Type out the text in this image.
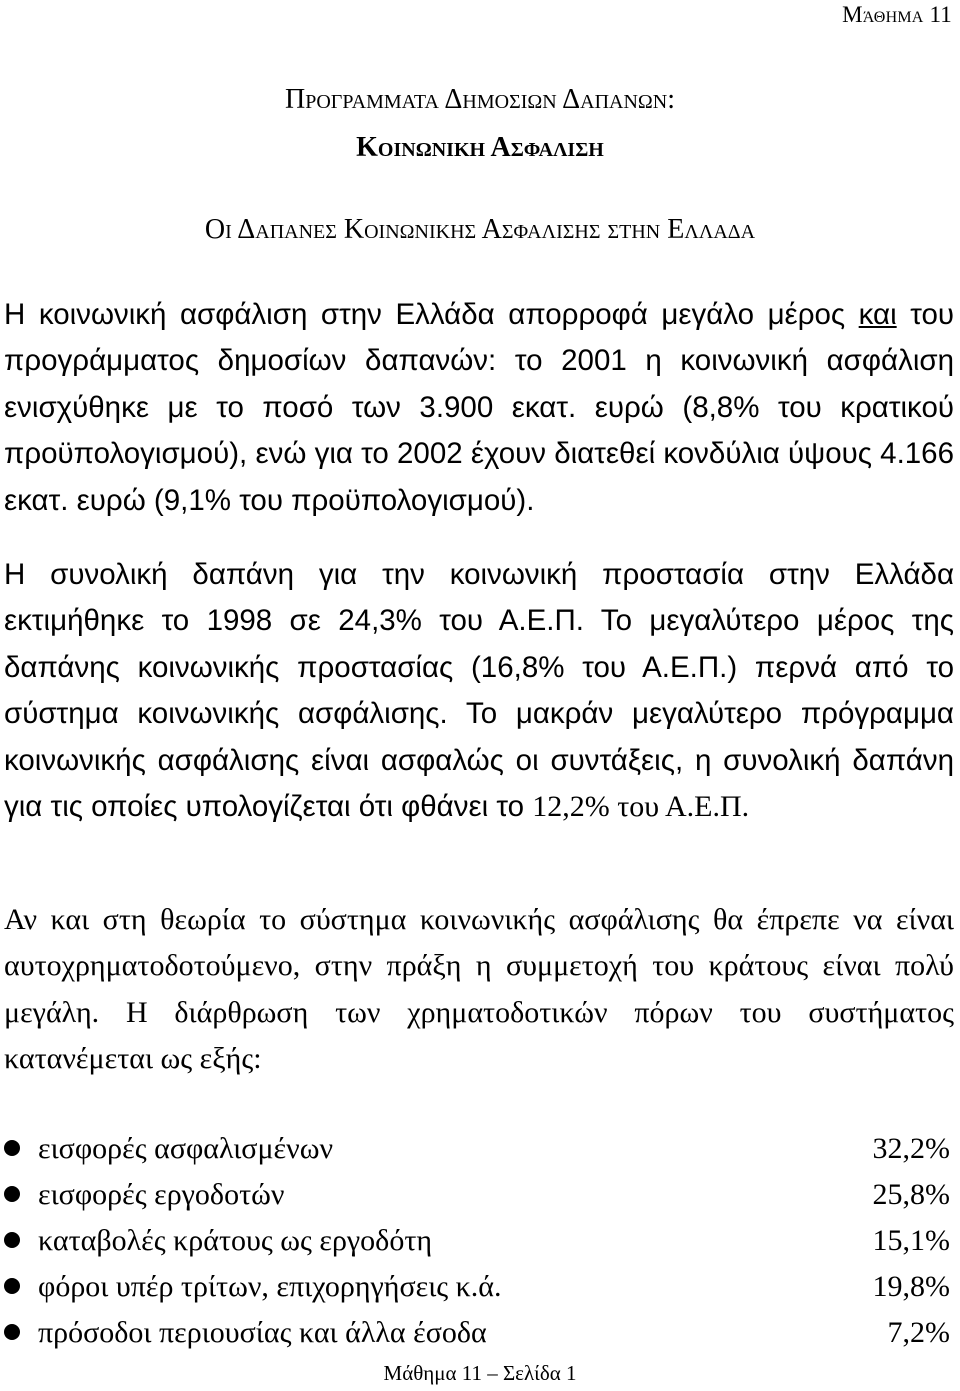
Μάθημα 11
Προγραμματα Δημοσιων Δαπανων:
Κοινωνικη Ασφαλιση
Οι Δαπανες Κοινωνικης Ασφαλισης στην Ελλαδα

Η κοινωνική ασφάλιση στην Ελλάδα απορροφά μεγάλο μέρος και του προγράμματος δημοσίων δαπανών: το 2001 η κοινωνική ασφάλιση ενισχύθηκε με το ποσό των 3.900 εκατ. ευρώ (8,8% του κρατικού προϋπολογισμού), ενώ για το 2002 έχουν διατεθεί κονδύλια ύψους 4.166 εκατ. ευρώ (9,1% του προϋπολογισμού).

Η συνολική δαπάνη για την κοινωνική προστασία στην Ελλάδα εκτιμήθηκε το 1998 σε 24,3% του Α.Ε.Π. Το μεγαλύτερο μέρος της δαπάνης κοινωνικής προστασίας (16,8% του Α.Ε.Π.) περνά από το σύστημα κοινωνικής ασφάλισης. Το μακράν μεγαλύτερο πρόγραμμα κοινωνικής ασφάλισης είναι ασφαλώς οι συντάξεις, η συνολική δαπάνη για τις οποίες υπολογίζεται ότι φθάνει το 12,2% του Α.Ε.Π.

Αν και στη θεωρία το σύστημα κοινωνικής ασφάλισης θα έπρεπε να είναι αυτοχρηματοδοτούμενο, στην πράξη η συμμετοχή του κράτους είναι πολύ μεγάλη. Η διάρθρωση των χρηματοδοτικών πόρων του συστήματος κατανέμεται ως εξής:

εισφορές ασφαλισμένων	32,2%
εισφορές εργοδοτών	25,8%
καταβολές κράτους ως εργοδότη	15,1%
φόροι υπέρ τρίτων, επιχορηγήσεις κ.ά.	19,8%
πρόσοδοι περιουσίας και άλλα έσοδα	7,2%
Μάθημα 11 – Σελίδα 1
